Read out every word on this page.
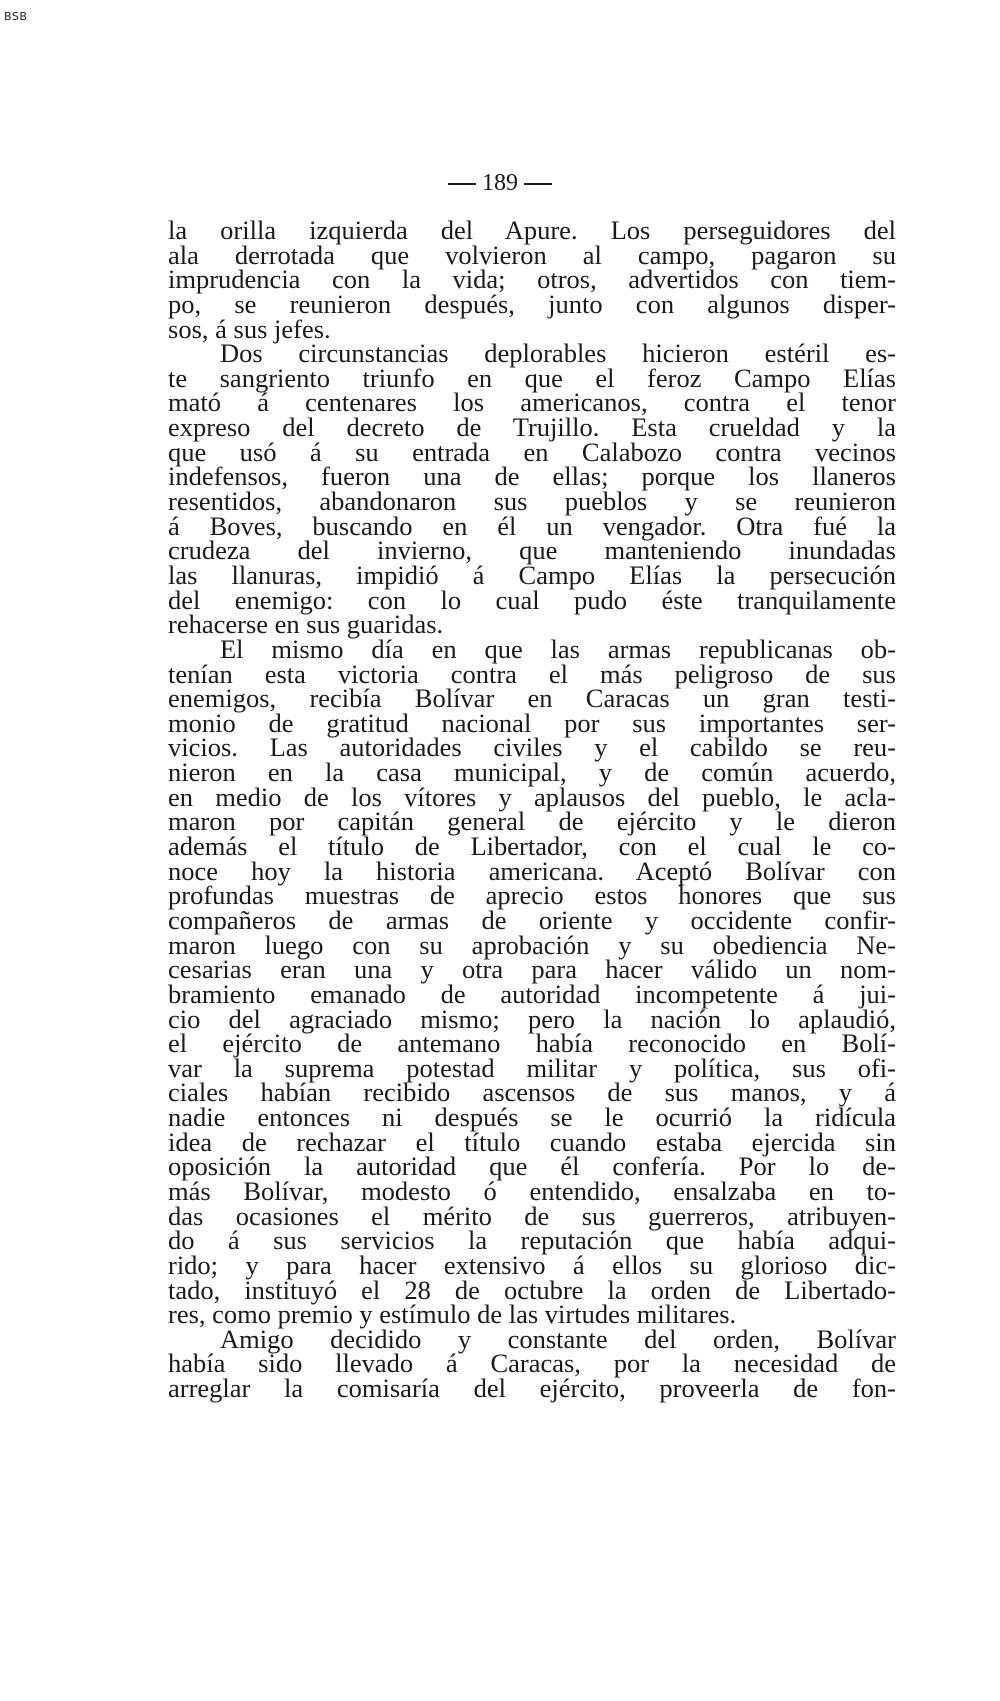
BSB
189
la orilla izquierda del Apure. Los perseguidores del
ala derrotada que volvieron al campo, pagaron su
imprudencia con la vida; otros, advertidos con tiem-
po, se reunieron después, junto con algunos disper-
sos, á sus jefes.
Dos circunstancias deplorables hicieron estéril es-
te sangriento triunfo en que el feroz Campo Elías
mató á centenares los americanos, contra el tenor
expreso del decreto de Trujillo. Esta crueldad y la
que usó á su entrada en Calabozo contra vecinos
indefensos, fueron una de ellas; porque los llaneros
resentidos, abandonaron sus pueblos y se reunieron
á Boves, buscando en él un vengador. Otra fué la
crudeza del invierno, que manteniendo inundadas
las llanuras, impidió á Campo Elías la persecución
del enemigo: con lo cual pudo éste tranquilamente
rehacerse en sus guaridas.
El mismo día en que las armas republicanas ob-
tenían esta victoria contra el más peligroso de sus
enemigos, recibía Bolívar en Caracas un gran testi-
monio de gratitud nacional por sus importantes ser-
vicios. Las autoridades civiles y el cabildo se reu-
nieron en la casa municipal, y de común acuerdo,
en medio de los vítores y aplausos del pueblo, le acla-
maron por capitán general de ejército y le dieron
además el título de Libertador, con el cual le co-
noce hoy la historia americana. Aceptó Bolívar con
profundas muestras de aprecio estos honores que sus
compañeros de armas de oriente y occidente confir-
maron luego con su aprobación y su obediencia Ne-
cesarias eran una y otra para hacer válido un nom-
bramiento emanado de autoridad incompetente á jui-
cio del agraciado mismo; pero la nación lo aplaudió,
el ejército de antemano había reconocido en Bolí-
var la suprema potestad militar y política, sus ofi-
ciales habían recibido ascensos de sus manos, y á
nadie entonces ni después se le ocurrió la ridícula
idea de rechazar el título cuando estaba ejercida sin
oposición la autoridad que él confería. Por lo de-
más Bolívar, modesto ó entendido, ensalzaba en to-
das ocasiones el mérito de sus guerreros, atribuyen-
do á sus servicios la reputación que había adqui-
rido; y para hacer extensivo á ellos su glorioso dic-
tado, instituyó el 28 de octubre la orden de Libertado-
res, como premio y estímulo de las virtudes militares.
Amigo decidido y constante del orden, Bolívar
había sido llevado á Caracas, por la necesidad de
arreglar la comisaría del ejército, proveerla de fon-
